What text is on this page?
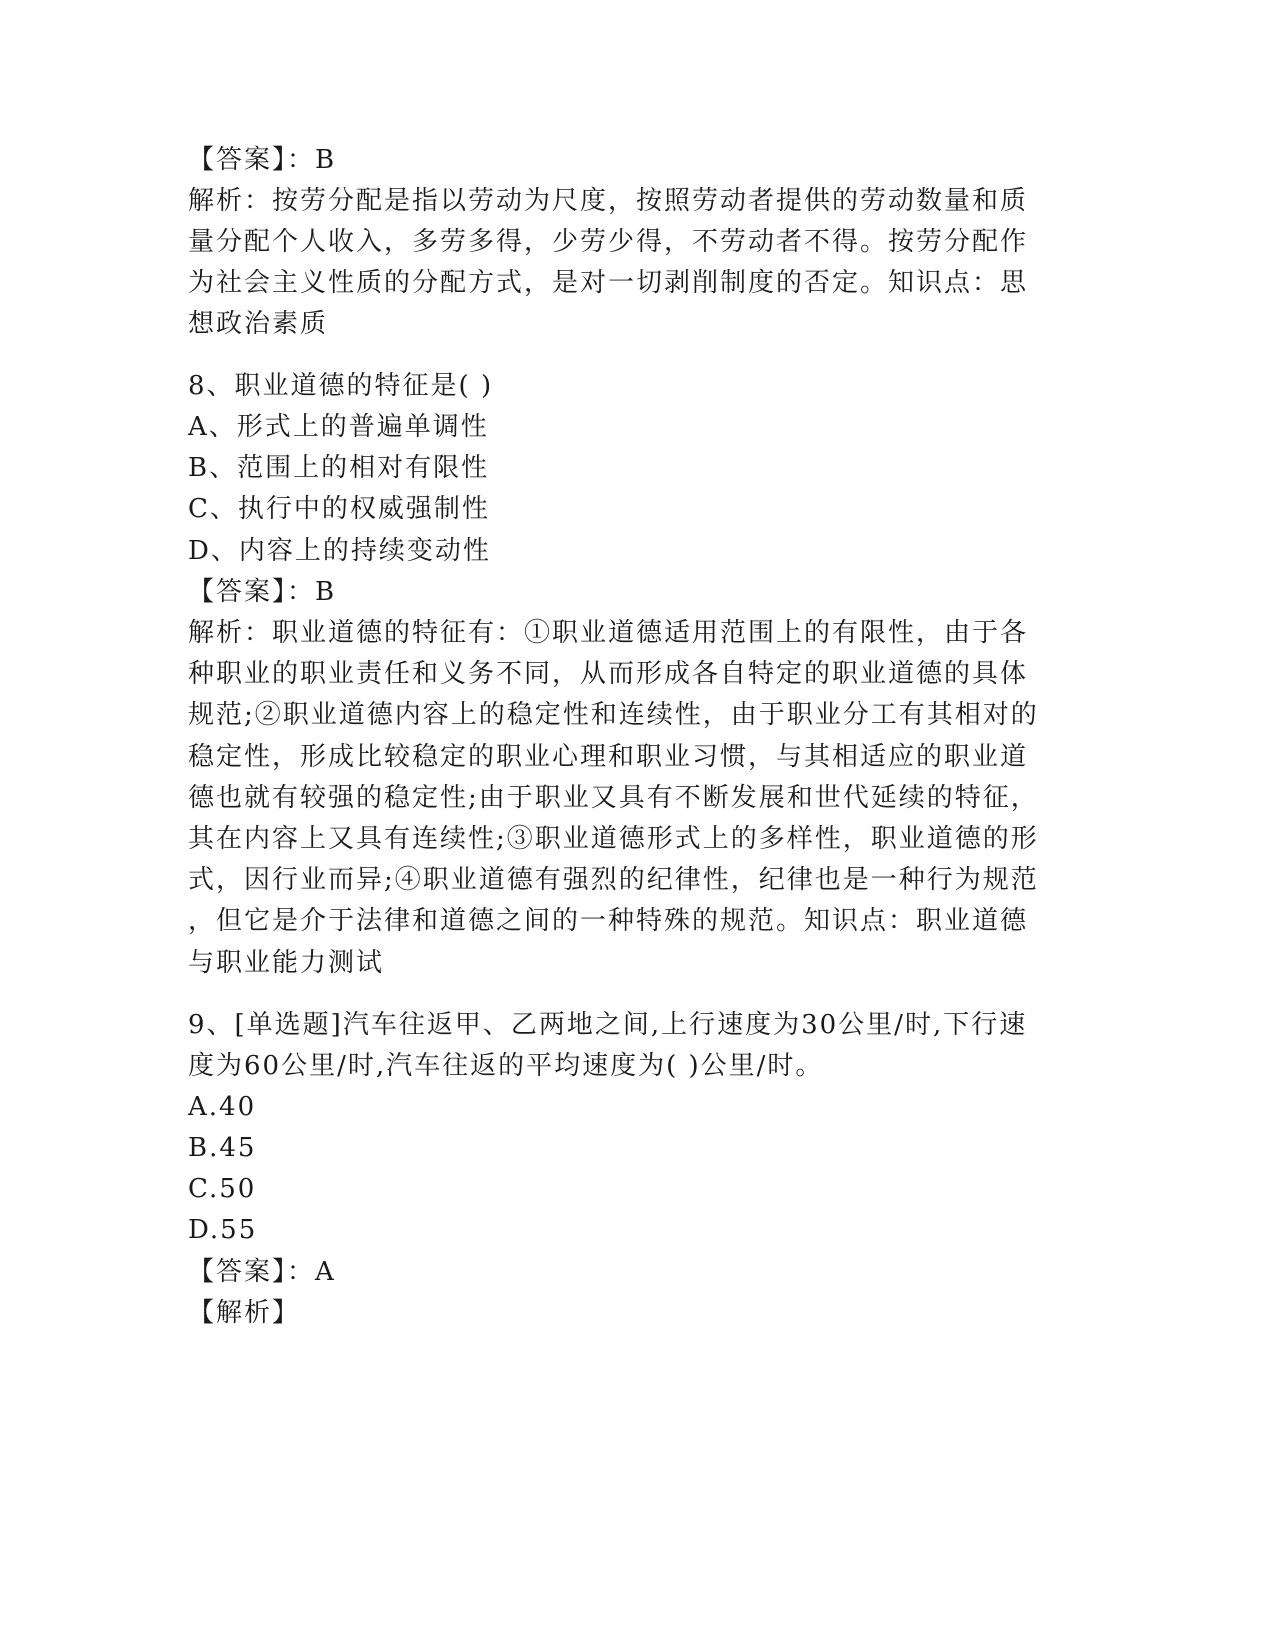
【答案】：B
解析：按劳分配是指以劳动为尺度，按照劳动者提供的劳动数量和质
量分配个人收入，多劳多得，少劳少得，不劳动者不得。按劳分配作
为社会主义性质的分配方式，是对一切剥削制度的否定。知识点：思
想政治素质
8、职业道德的特征是( )
A、形式上的普遍单调性
B、范围上的相对有限性
C、执行中的权威强制性
D、内容上的持续变动性
【答案】：B
解析：职业道德的特征有：①职业道德适用范围上的有限性，由于各
种职业的职业责任和义务不同，从而形成各自特定的职业道德的具体
规范;②职业道德内容上的稳定性和连续性，由于职业分工有其相对的
稳定性，形成比较稳定的职业心理和职业习惯，与其相适应的职业道
德也就有较强的稳定性;由于职业又具有不断发展和世代延续的特征，
其在内容上又具有连续性;③职业道德形式上的多样性，职业道德的形
式，因行业而异;④职业道德有强烈的纪律性，纪律也是一种行为规范
，但它是介于法律和道德之间的一种特殊的规范。知识点：职业道德
与职业能力测试
9、[单选题]汽车往返甲、乙两地之间,上行速度为30公里/时,下行速
度为60公里/时,汽车往返的平均速度为( )公里/时。
A.40
B.45
C.50
D.55
【答案】：A
【解析】
